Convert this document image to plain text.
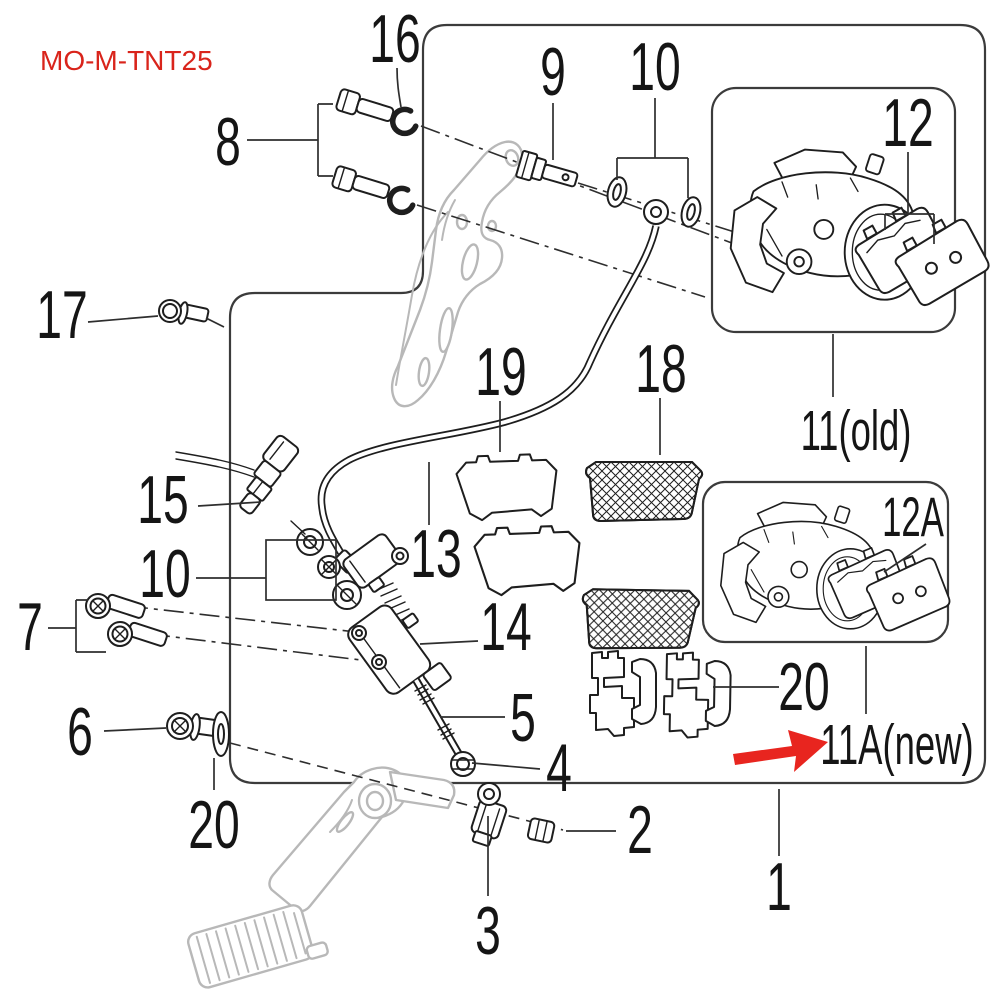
MO-M-TNT25 16
8
9 10
12
17
19 18
11(old)
15
13
10
12A
14
7
5	20
4
6	11A(new)
2
20
3
1
